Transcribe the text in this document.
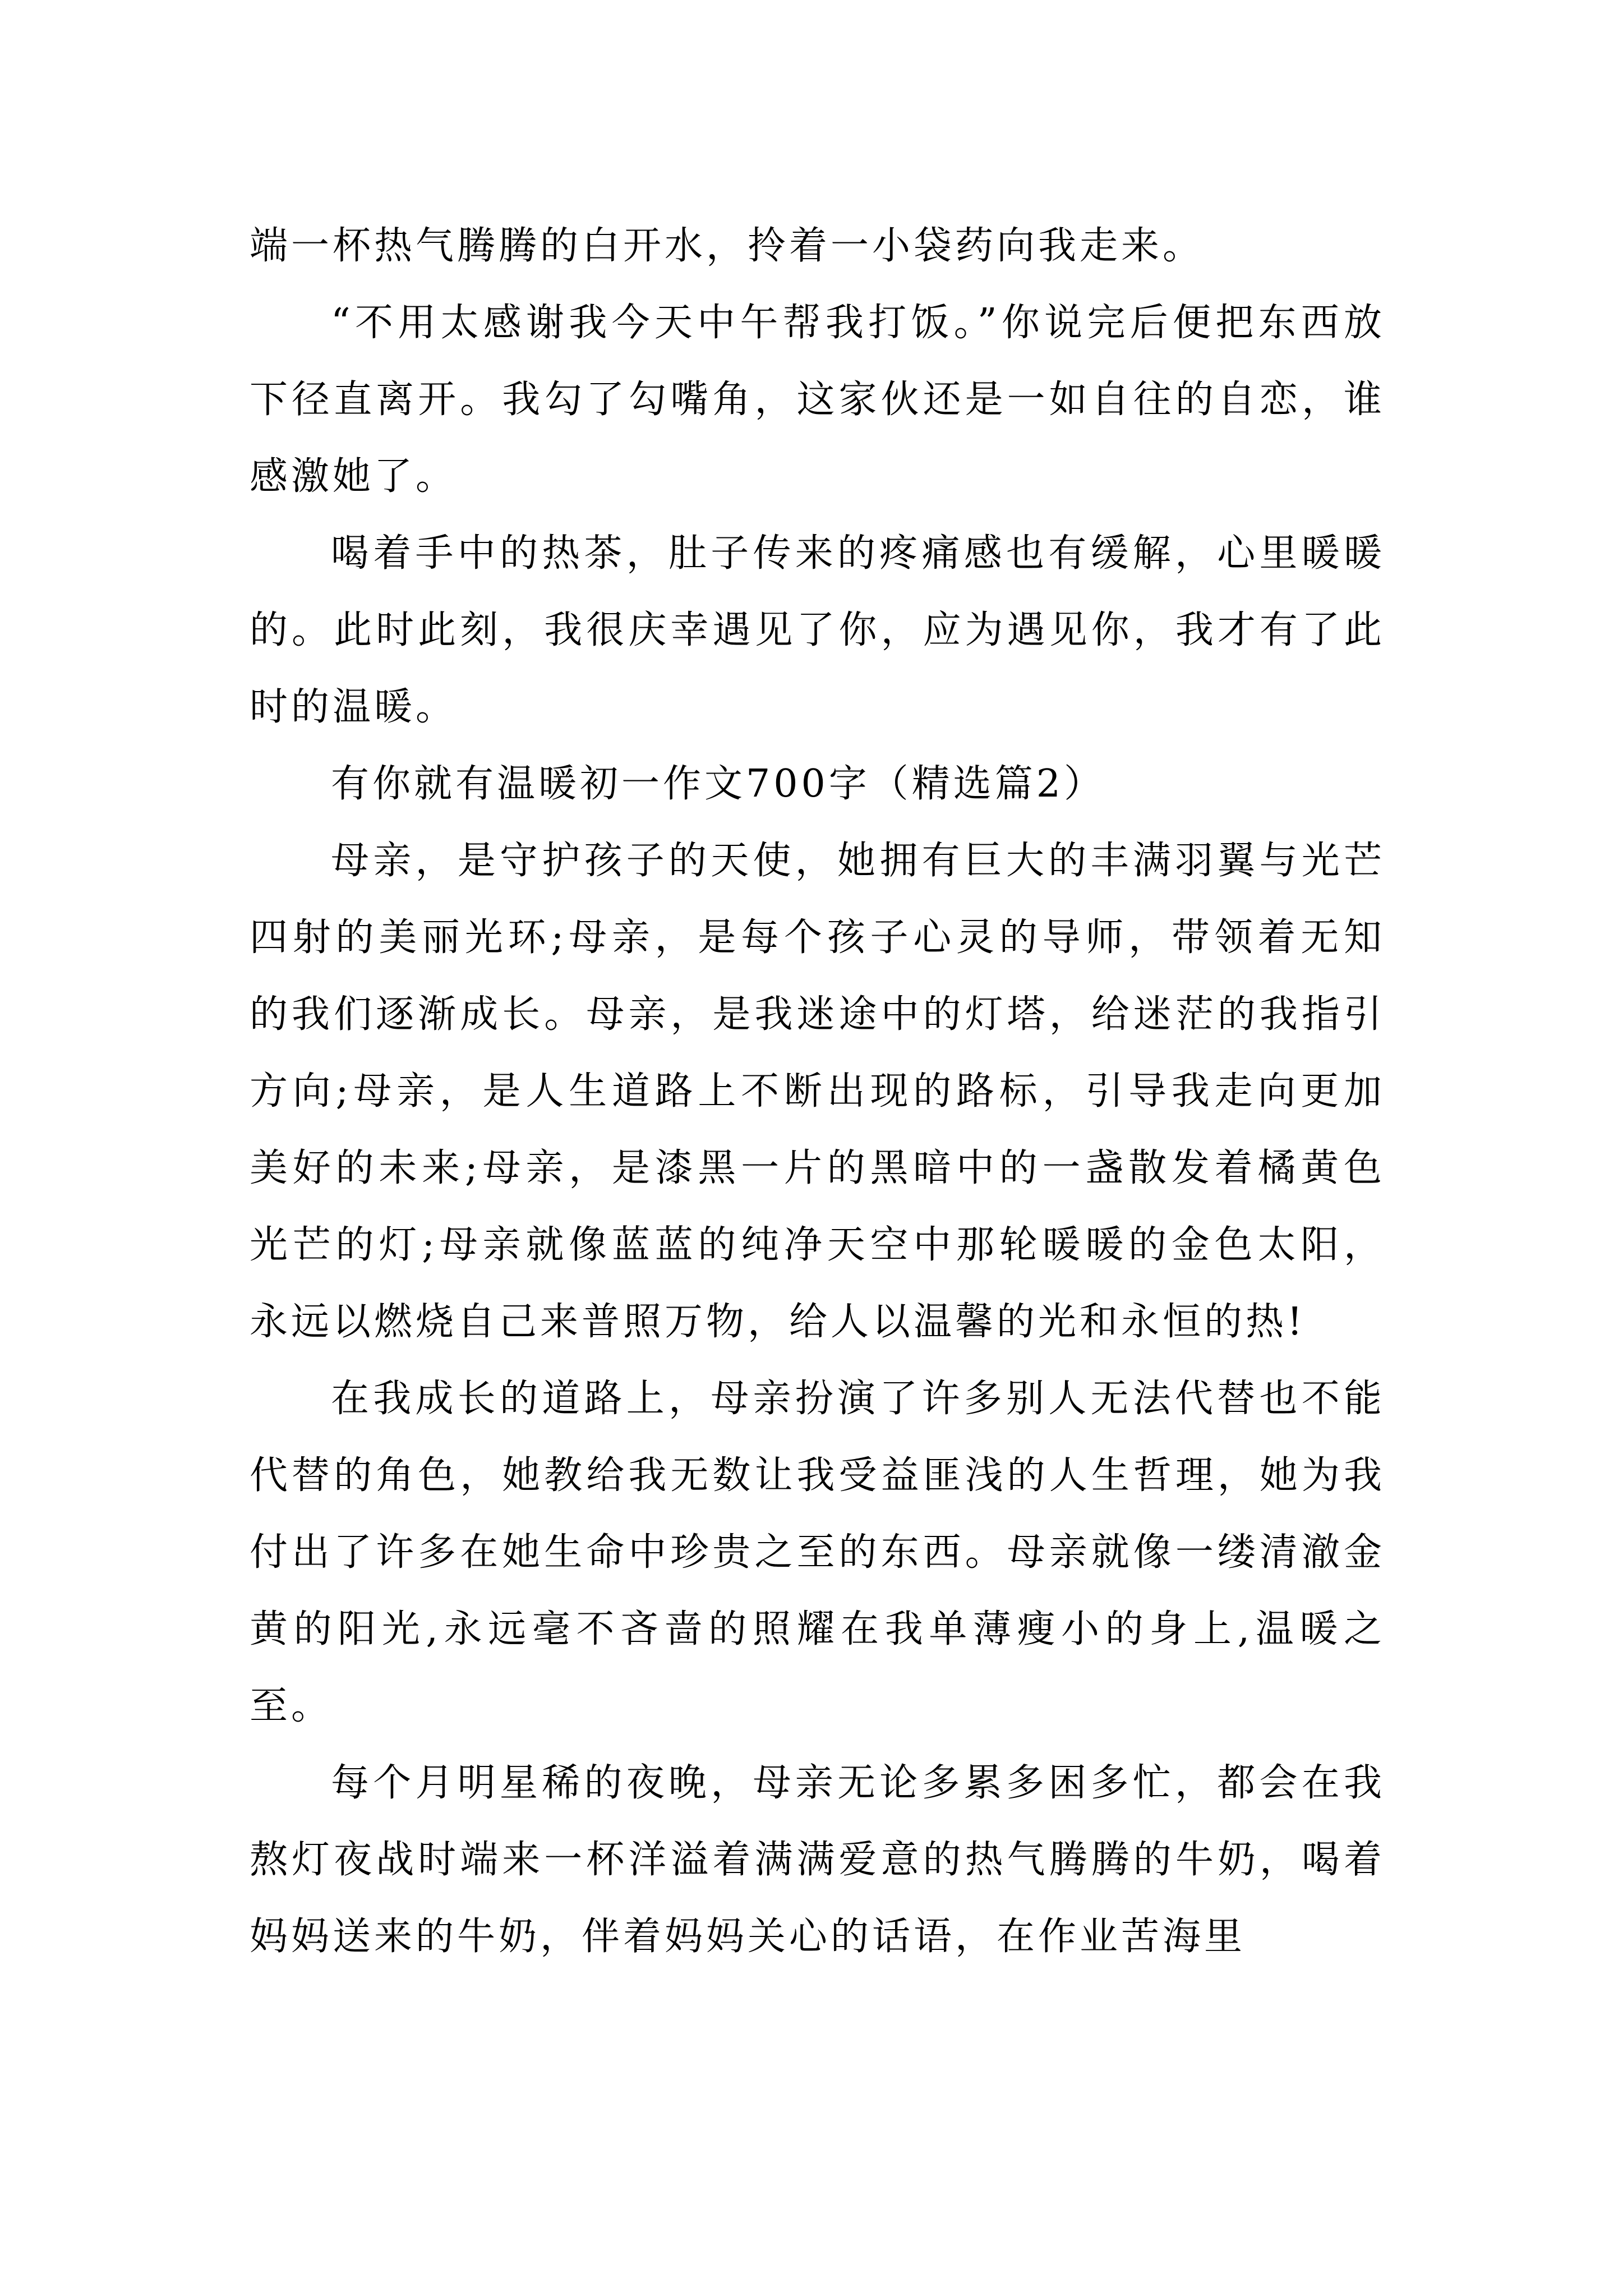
端一杯热气腾腾的白开水，拎着一小袋药向我走来。

“不用太感谢我今天中午帮我打饭。”你说完后便把东西放下径直离开。我勾了勾嘴角，这家伙还是一如自往的自恋，谁感激她了。

喝着手中的热茶，肚子传来的疼痛感也有缓解，心里暖暖的。此时此刻，我很庆幸遇见了你，应为遇见你，我才有了此时的温暖。

有你就有温暖初一作文700字（精选篇2）

母亲，是守护孩子的天使，她拥有巨大的丰满羽翼与光芒四射的美丽光环;母亲，是每个孩子心灵的导师，带领着无知的我们逐渐成长。母亲，是我迷途中的灯塔，给迷茫的我指引方向;母亲，是人生道路上不断出现的路标，引导我走向更加美好的未来;母亲，是漆黑一片的黑暗中的一盏散发着橘黄色光芒的灯;母亲就像蓝蓝的纯净天空中那轮暖暖的金色太阳，永远以燃烧自己来普照万物，给人以温馨的光和永恒的热!

在我成长的道路上，母亲扮演了许多别人无法代替也不能代替的角色，她教给我无数让我受益匪浅的人生哲理，她为我付出了许多在她生命中珍贵之至的东西。母亲就像一缕清澈金黄的阳光,永远毫不吝啬的照耀在我单薄瘦小的身上,温暖之至。

每个月明星稀的夜晚，母亲无论多累多困多忙，都会在我熬灯夜战时端来一杯洋溢着满满爱意的热气腾腾的牛奶，喝着妈妈送来的牛奶，伴着妈妈关心的话语，在作业苦海里
